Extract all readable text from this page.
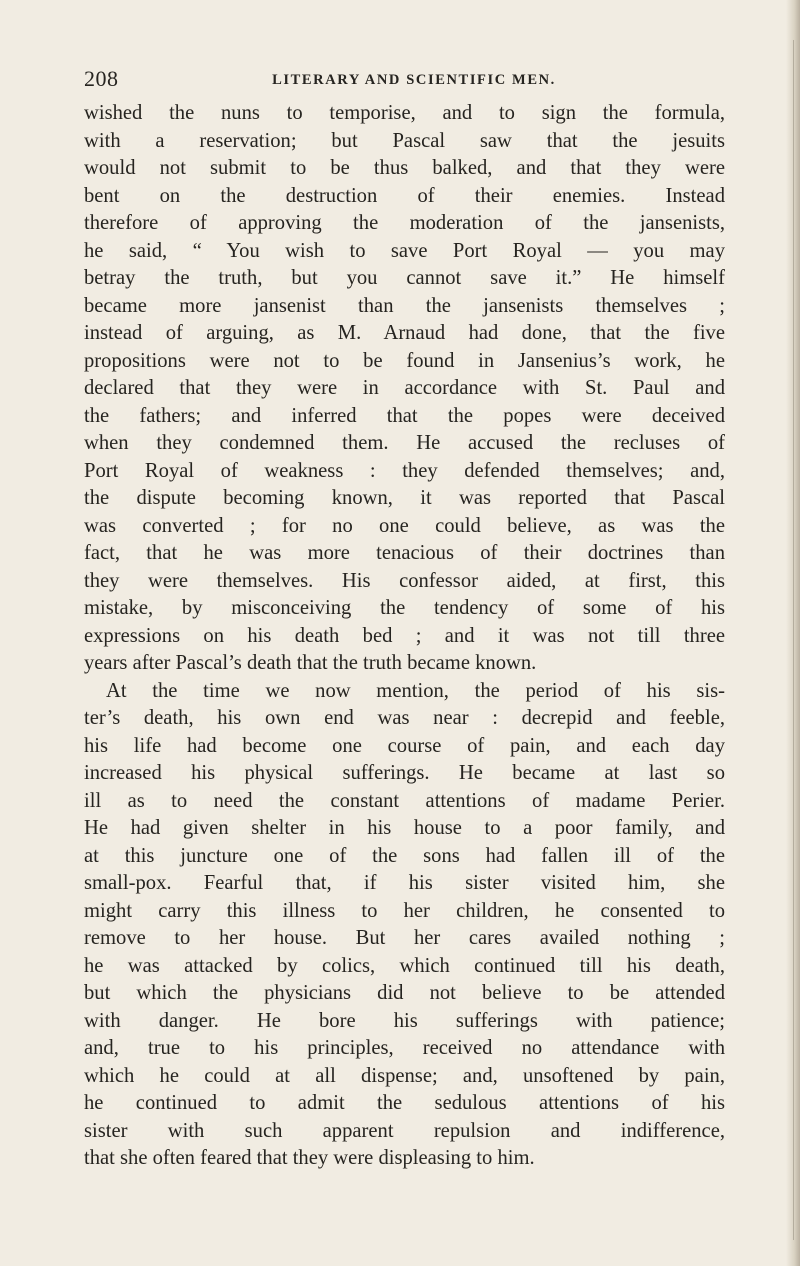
208	LITERARY AND SCIENTIFIC MEN.
wished the nuns to temporise, and to sign the formula,
with a reservation; but Pascal saw that the jesuits
would not submit to be thus balked, and that they were
bent on the destruction of their enemies. Instead
therefore of approving the moderation of the jansenists,
he said, “ You wish to save Port Royal — you may
betray the truth, but you cannot save it.” He himself
became more jansenist than the jansenists themselves ;
instead of arguing, as M. Arnaud had done, that the five
propositions were not to be found in Jansenius’s work, he
declared that they were in accordance with St. Paul and
the fathers; and inferred that the popes were deceived
when they condemned them. He accused the recluses of
Port Royal of weakness : they defended themselves; and,
the dispute becoming known, it was reported that Pascal
was converted ; for no one could believe, as was the
fact, that he was more tenacious of their doctrines than
they were themselves. His confessor aided, at first, this
mistake, by misconceiving the tendency of some of his
expressions on his death bed ; and it was not till three
years after Pascal’s death that the truth became known.
At the time we now mention, the period of his sis-
ter’s death, his own end was near : decrepid and feeble,
his life had become one course of pain, and each day
increased his physical sufferings. He became at last so
ill as to need the constant attentions of madame Perier.
He had given shelter in his house to a poor family, and
at this juncture one of the sons had fallen ill of the
small-pox. Fearful that, if his sister visited him, she
might carry this illness to her children, he consented to
remove to her house. But her cares availed nothing ;
he was attacked by colics, which continued till his death,
but which the physicians did not believe to be attended
with danger. He bore his sufferings with patience;
and, true to his principles, received no attendance with
which he could at all dispense; and, unsoftened by pain,
he continued to admit the sedulous attentions of his
sister with such apparent repulsion and indifference,
that she often feared that they were displeasing to him.
